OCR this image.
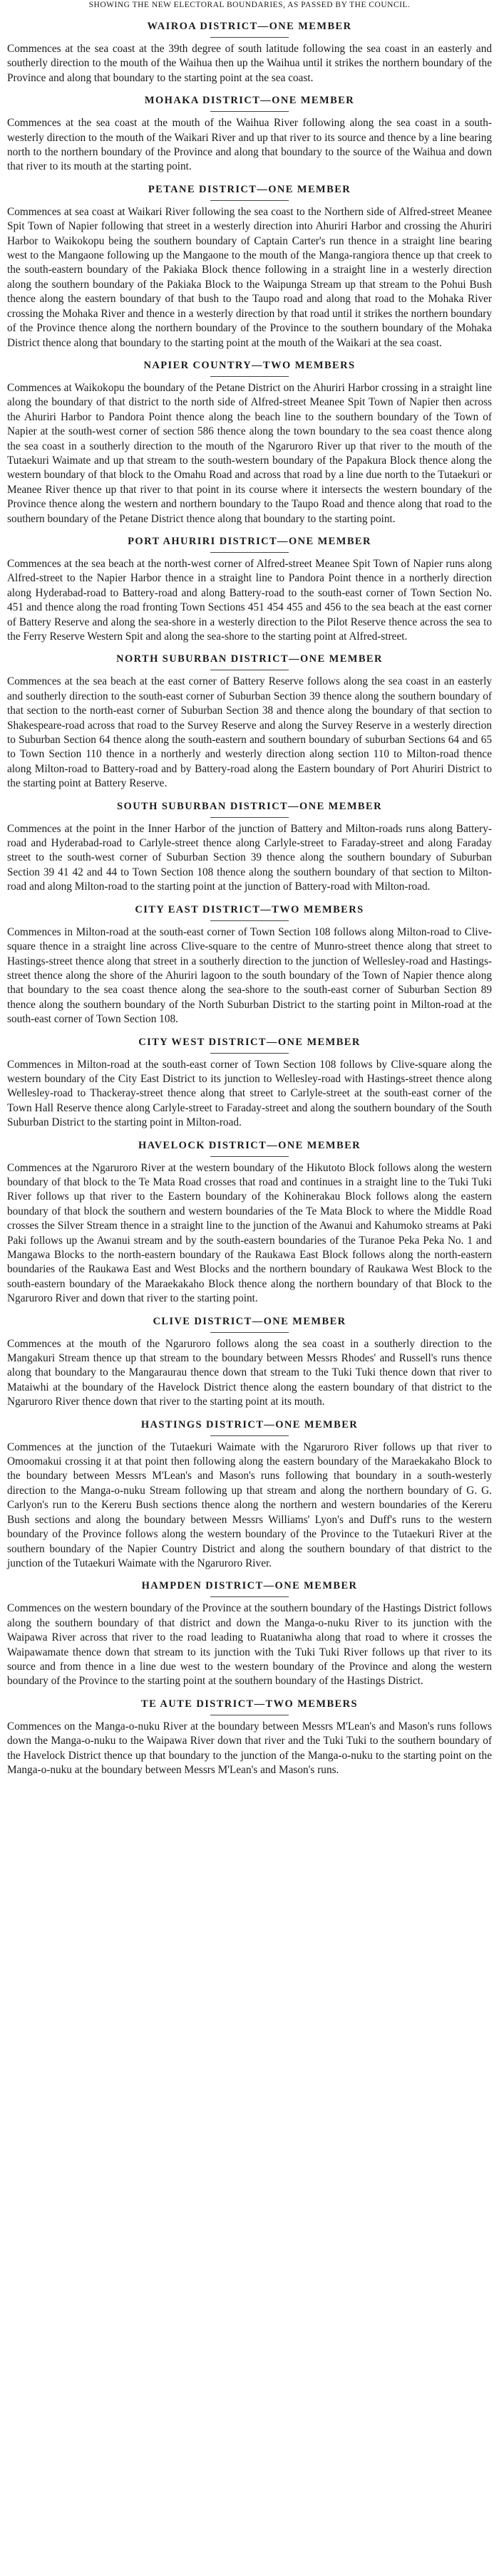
SHOWING THE NEW ELECTORAL BOUNDARIES, AS PASSED BY THE COUNCIL.
WAIROA DISTRICT—ONE MEMBER

Commences at the sea coast at the 39th degree of south latitude following the sea coast in an easterly and southerly direction to the mouth of the Waihua then up the Waihua until it strikes the northern boundary of the Province and along that boundary to the starting point at the sea coast.

MOHAKA DISTRICT—ONE MEMBER

Commences at the sea coast at the mouth of the Waihua River following along the sea coast in a south-westerly direction to the mouth of the Waikari River and up that river to its source and thence by a line bearing north to the northern boundary of the Province and along that boundary to the source of the Waihua and down that river to its mouth at the starting point.

PETANE DISTRICT—ONE MEMBER

Commences at sea coast at Waikari River following the sea coast to the Northern side of Alfred-street Meanee Spit Town of Napier following that street in a westerly direction into Ahuriri Harbor and crossing the Ahuriri Harbor to Waikokopu being the southern boundary of Captain Carter's run thence in a straight line bearing west to the Mangaone following up the Mangaone to the mouth of the Manga-rangiora thence up that creek to the south-eastern boundary of the Pakiaka Block thence following in a straight line in a westerly direction along the southern boundary of the Pakiaka Block to the Waipunga Stream up that stream to the Pohui Bush thence along the eastern boundary of that bush to the Taupo road and along that road to the Mohaka River crossing the Mohaka River and thence in a westerly direction by that road until it strikes the northern boundary of the Province thence along the northern boundary of the Province to the southern boundary of the Mohaka District thence along that boundary to the starting point at the mouth of the Waikari at the sea coast.

NAPIER COUNTRY—TWO MEMBERS

Commences at Waikokopu the boundary of the Petane District on the Ahuriri Harbor crossing in a straight line along the boundary of that district to the north side of Alfred-street Meanee Spit Town of Napier then across the Ahuriri Harbor to Pandora Point thence along the beach line to the southern boundary of the Town of Napier at the south-west corner of section 586 thence along the town boundary to the sea coast thence along the sea coast in a southerly direction to the mouth of the Ngaruroro River up that river to the mouth of the Tutaekuri Waimate and up that stream to the south-western boundary of the Papakura Block thence along the western boundary of that block to the Omahu Road and across that road by a line due north to the Tutaekuri or Meanee River thence up that river to that point in its course where it intersects the western boundary of the Province thence along the western and northern boundary to the Taupo Road and thence along that road to the southern boundary of the Petane District thence along that boundary to the starting point.

PORT AHURIRI DISTRICT—ONE MEMBER

Commences at the sea beach at the north-west corner of Alfred-street Meanee Spit Town of Napier runs along Alfred-street to the Napier Harbor thence in a straight line to Pandora Point thence in a northerly direction along Hyderabad-road to Battery-road and along Battery-road to the south-east corner of Town Section No. 451 and thence along the road fronting Town Sections 451 454 455 and 456 to the sea beach at the east corner of Battery Reserve and along the sea-shore in a westerly direction to the Pilot Reserve thence across the sea to the Ferry Reserve Western Spit and along the sea-shore to the starting point at Alfred-street.

NORTH SUBURBAN DISTRICT—ONE MEMBER

Commences at the sea beach at the east corner of Battery Reserve follows along the sea coast in an easterly and southerly direction to the south-east corner of Suburban Section 39 thence along the southern boundary of that section to the north-east corner of Suburban Section 38 and thence along the boundary of that section to Shakespeare-road across that road to the Survey Reserve and along the Survey Reserve in a westerly direction to Suburban Section 64 thence along the south-eastern and southern boundary of suburban Sections 64 and 65 to Town Section 110 thence in a northerly and westerly direction along section 110 to Milton-road thence along Milton-road to Battery-road and by Battery-road along the Eastern boundary of Port Ahuriri District to the starting point at Battery Reserve.

SOUTH SUBURBAN DISTRICT—ONE MEMBER

Commences at the point in the Inner Harbor of the junction of Battery and Milton-roads runs along Battery-road and Hyderabad-road to Carlyle-street thence along Carlyle-street to Faraday-street and along Faraday street to the south-west corner of Suburban Section 39 thence along the southern boundary of Suburban Section 39 41 42 and 44 to Town Section 108 thence along the southern boundary of that section to Milton-road and along Milton-road to the starting point at the junction of Battery-road with Milton-road.

CITY EAST DISTRICT—TWO MEMBERS

Commences in Milton-road at the south-east corner of Town Section 108 follows along Milton-road to Clive-square thence in a straight line across Clive-square to the centre of Munro-street thence along that street to Hastings-street thence along that street in a southerly direction to the junction of Wellesley-road and Hastings-street thence along the shore of the Ahuriri lagoon to the south boundary of the Town of Napier thence along that boundary to the sea coast thence along the sea-shore to the south-east corner of Suburban Section 89 thence along the southern boundary of the North Suburban District to the starting point in Milton-road at the south-east corner of Town Section 108.

CITY WEST DISTRICT—ONE MEMBER

Commences in Milton-road at the south-east corner of Town Section 108 follows by Clive-square along the western boundary of the City East District to its junction to Wellesley-road with Hastings-street thence along Wellesley-road to Thackeray-street thence along that street to Carlyle-street at the south-east corner of the Town Hall Reserve thence along Carlyle-street to Faraday-street and along the southern boundary of the South Suburban District to the starting point in Milton-road.

HAVELOCK DISTRICT—ONE MEMBER

Commences at the Ngaruroro River at the western boundary of the Hikutoto Block follows along the western boundary of that block to the Te Mata Road crosses that road and continues in a straight line to the Tuki Tuki River follows up that river to the Eastern boundary of the Kohinerakau Block follows along the eastern boundary of that block the southern and western boundaries of the Te Mata Block to where the Middle Road crosses the Silver Stream thence in a straight line to the junction of the Awanui and Kahumoko streams at Paki Paki follows up the Awanui stream and by the south-eastern boundaries of the Turanoe Peka Peka No. 1 and Mangawa Blocks to the north-eastern boundary of the Raukawa East Block follows along the north-eastern boundaries of the Raukawa East and West Blocks and the northern boundary of Raukawa West Block to the south-eastern boundary of the Maraekakaho Block thence along the northern boundary of that Block to the Ngaruroro River and down that river to the starting point.

CLIVE DISTRICT—ONE MEMBER

Commences at the mouth of the Ngaruroro follows along the sea coast in a southerly direction to the Mangakuri Stream thence up that stream to the boundary between Messrs Rhodes' and Russell's runs thence along that boundary to the Mangaraurau thence down that stream to the Tuki Tuki thence down that river to Mataiwhi at the boundary of the Havelock District thence along the eastern boundary of that district to the Ngaruroro River thence down that river to the starting point at its mouth.

HASTINGS DISTRICT—ONE MEMBER

Commences at the junction of the Tutaekuri Waimate with the Ngaruroro River follows up that river to Omoomakui crossing it at that point then following along the eastern boundary of the Maraekakaho Block to the boundary between Messrs M'Lean's and Mason's runs following that boundary in a south-westerly direction to the Manga-o-nuku Stream following up that stream and along the northern boundary of G. G. Carlyon's run to the Kereru Bush sections thence along the northern and western boundaries of the Kereru Bush sections and along the boundary between Messrs Williams' Lyon's and Duff's runs to the western boundary of the Province follows along the western boundary of the Province to the Tutaekuri River at the southern boundary of the Napier Country District and along the southern boundary of that district to the junction of the Tutaekuri Waimate with the Ngaruroro River.

HAMPDEN DISTRICT—ONE MEMBER

Commences on the western boundary of the Province at the southern boundary of the Hastings District follows along the southern boundary of that district and down the Manga-o-nuku River to its junction with the Waipawa River across that river to the road leading to Ruataniwha along that road to where it crosses the Waipawamate thence down that stream to its junction with the Tuki Tuki River follows up that river to its source and from thence in a line due west to the western boundary of the Province and along the western boundary of the Province to the starting point at the southern boundary of the Hastings District.

TE AUTE DISTRICT—TWO MEMBERS

Commences on the Manga-o-nuku River at the boundary between Messrs M'Lean's and Mason's runs follows down the Manga-o-nuku to the Waipawa River down that river and the Tuki Tuki to the southern boundary of the Havelock District thence up that boundary to the junction of the Manga-o-nuku to the starting point on the Manga-o-nuku at the boundary between Messrs M'Lean's and Mason's runs.
